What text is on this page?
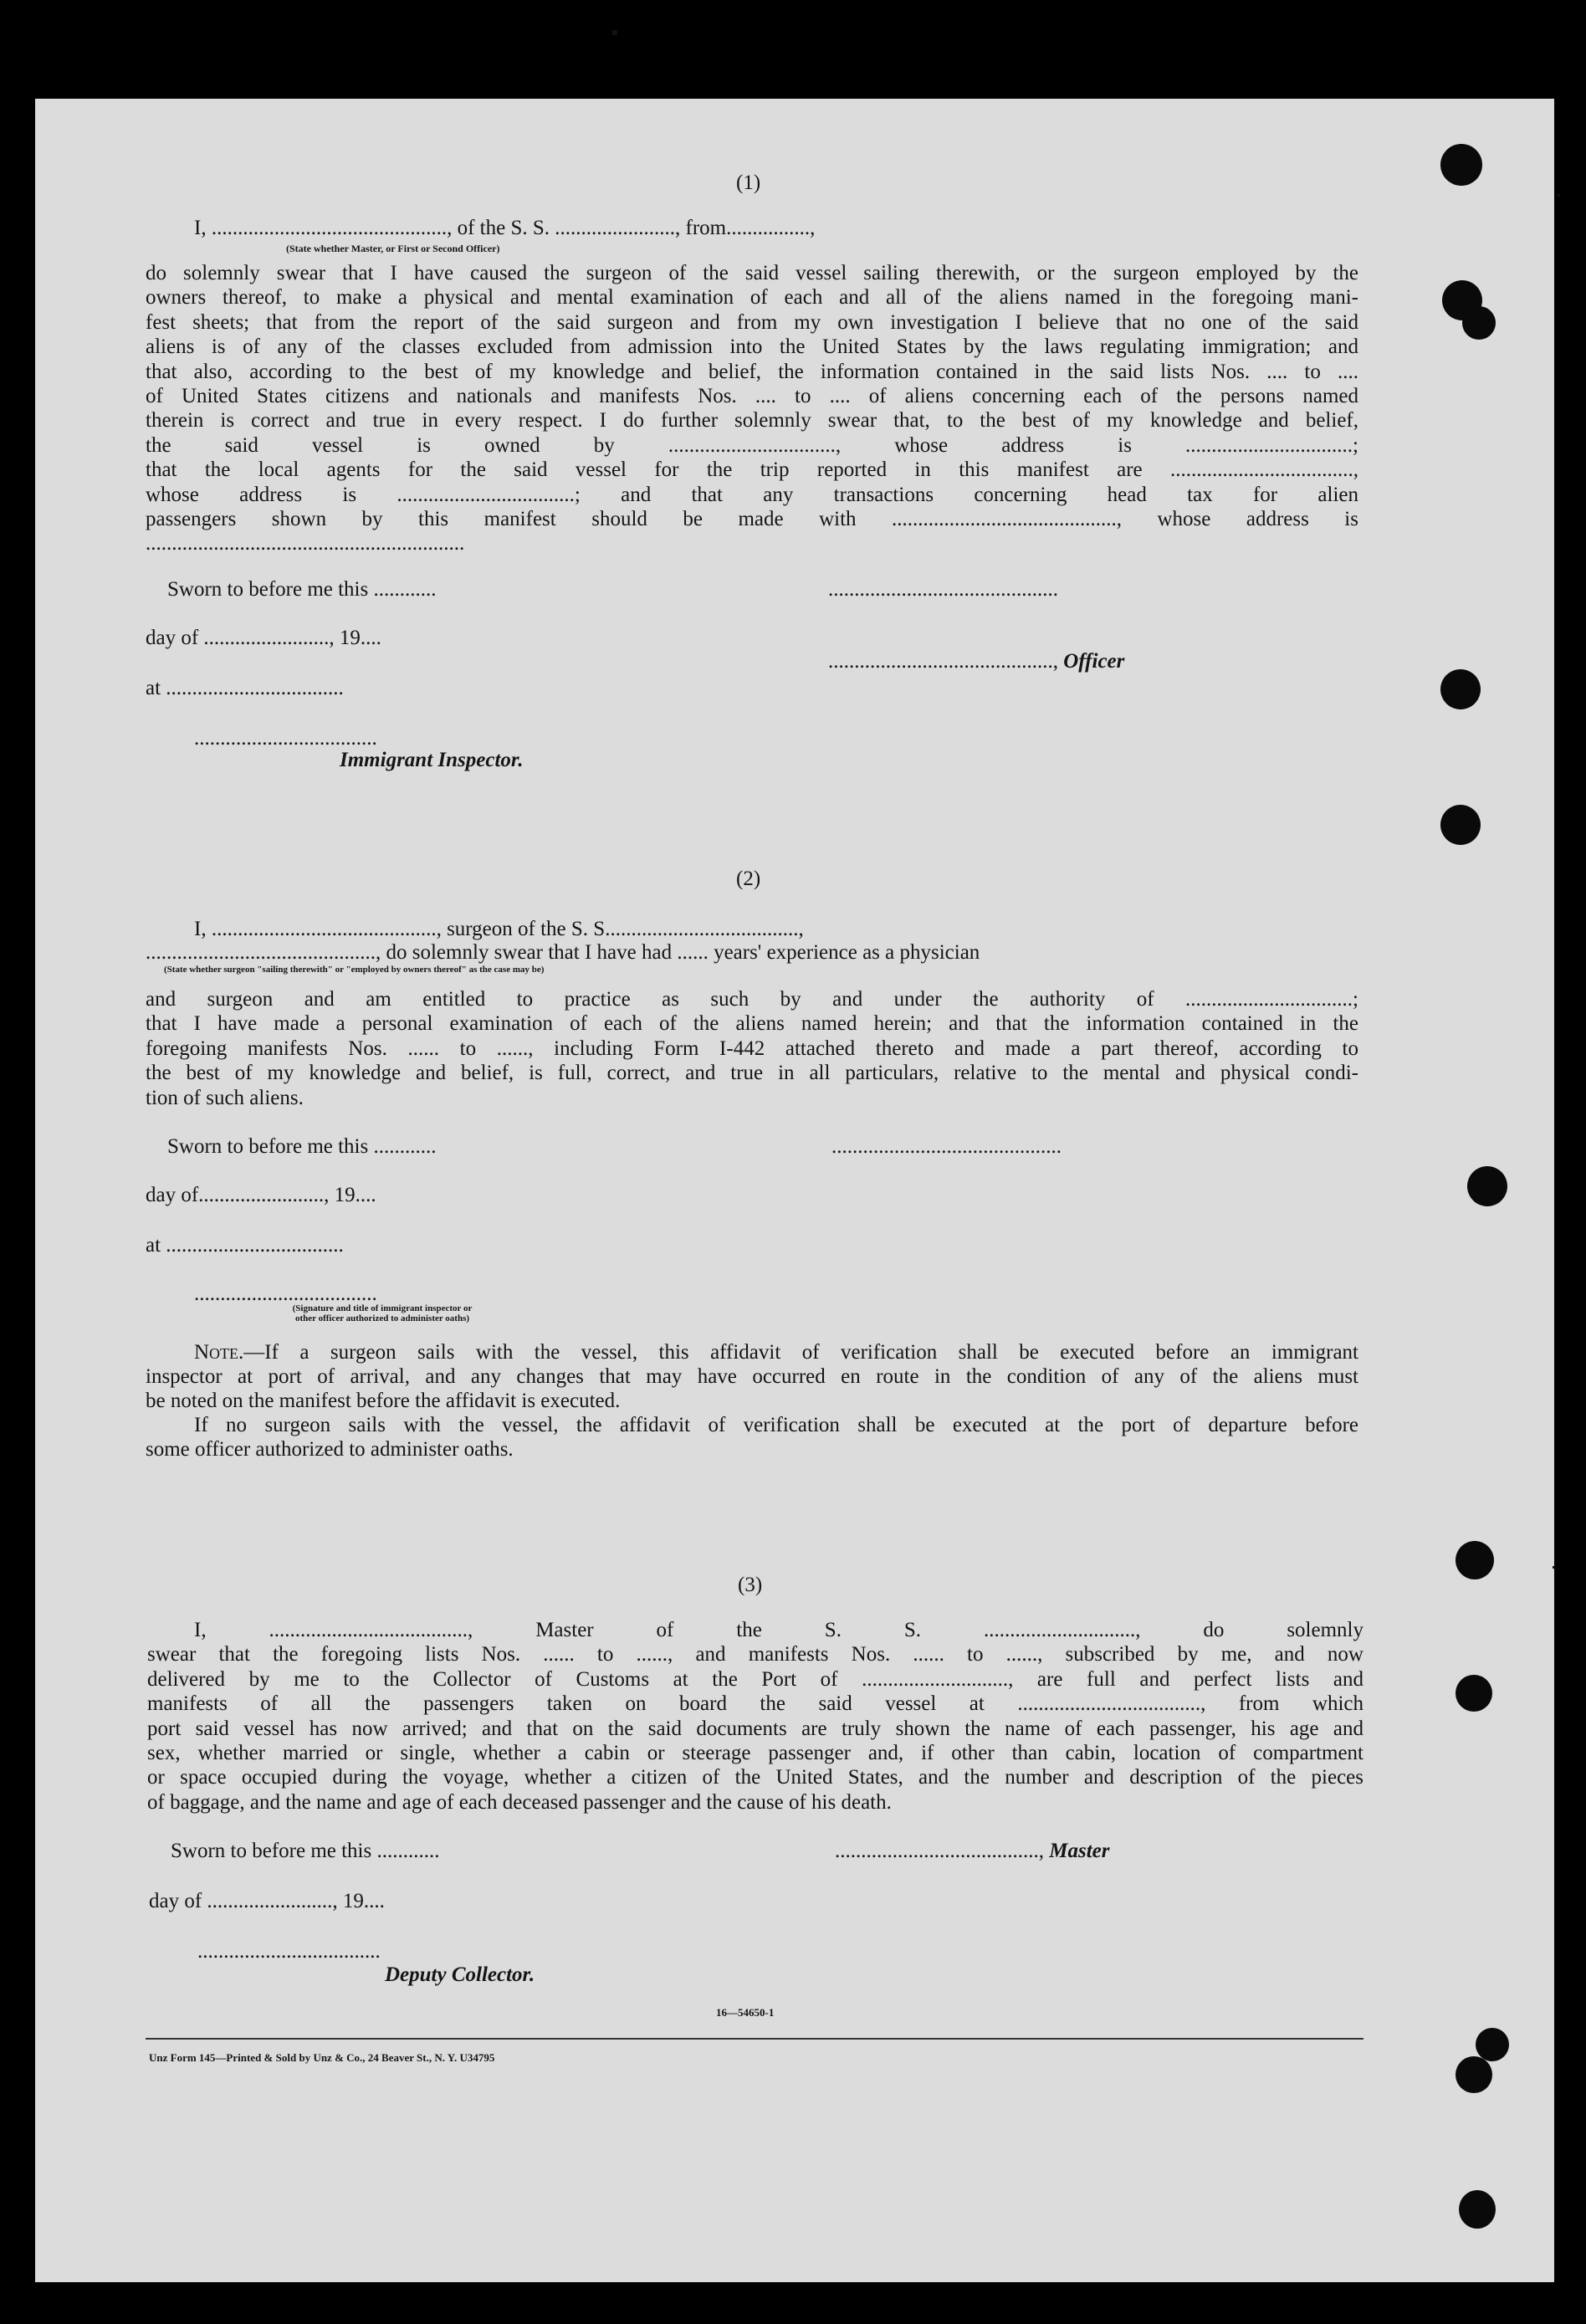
(1)
I, ............................................., of the S. S. ......................., from................,
(State whether Master, or First or Second Officer)
do solemnly swear that I have caused the surgeon of the said vessel sailing therewith, or the surgeon employed by the
owners thereof, to make a physical and mental examination of each and all of the aliens named in the foregoing mani-
fest sheets; that from the report of the said surgeon and from my own investigation I believe that no one of the said
aliens is of any of the classes excluded from admission into the United States by the laws regulating immigration; and
that also, according to the best of my knowledge and belief, the information contained in the said lists Nos. .... to ....
of United States citizens and nationals and manifests Nos. .... to .... of aliens concerning each of the persons named
therein is correct and true in every respect. I do further solemnly swear that, to the best of my knowledge and belief,
the said vessel is owned by ................................, whose address is ................................;
that the local agents for the said vessel for the trip reported in this manifest are ...................................,
whose address is ..................................; and that any transactions concerning head tax for alien
passengers shown by this manifest should be made with ..........................................., whose address is
.............................................................
Sworn to before me this ............	............................................
day of ........................, 19....
..........................................., Officer
at ..................................
...................................
Immigrant Inspector.
(2)
I, ..........................................., surgeon of the S. S.....................................,
............................................, do solemnly swear that I have had ...... years' experience as a physician
(State whether surgeon "sailing therewith" or "employed by owners thereof" as the case may be)
and surgeon and am entitled to practice as such by and under the authority of ................................;
that I have made a personal examination of each of the aliens named herein; and that the information contained in the
foregoing manifests Nos. ...... to ......, including Form I-442 attached thereto and made a part thereof, according to
the best of my knowledge and belief, is full, correct, and true in all particulars, relative to the mental and physical condi-
tion of such aliens.
Sworn to before me this ............	............................................
day of........................, 19....
at ..................................
...................................
(Signature and title of immigrant inspector or
other officer authorized to administer oaths)
Note.—If a surgeon sails with the vessel, this affidavit of verification shall be executed before an immigrant
inspector at port of arrival, and any changes that may have occurred en route in the condition of any of the aliens must
be noted on the manifest before the affidavit is executed.
If no surgeon sails with the vessel, the affidavit of verification shall be executed at the port of departure before
some officer authorized to administer oaths.
(3)
I, ......................................, Master of the S. S. ............................., do solemnly
swear that the foregoing lists Nos. ...... to ......, and manifests Nos. ...... to ......, subscribed by me, and now
delivered by me to the Collector of Customs at the Port of ............................, are full and perfect lists and
manifests of all the passengers taken on board the said vessel at ..................................., from which
port said vessel has now arrived; and that on the said documents are truly shown the name of each passenger, his age and
sex, whether married or single, whether a cabin or steerage passenger and, if other than cabin, location of compartment
or space occupied during the voyage, whether a citizen of the United States, and the number and description of the pieces
of baggage, and the name and age of each deceased passenger and the cause of his death.
Sworn to before me this ............	......................................., Master
day of ........................, 19....
...................................
Deputy Collector.
16—54650-1
Unz Form 145—Printed & Sold by Unz & Co., 24 Beaver St., N. Y. U34795
